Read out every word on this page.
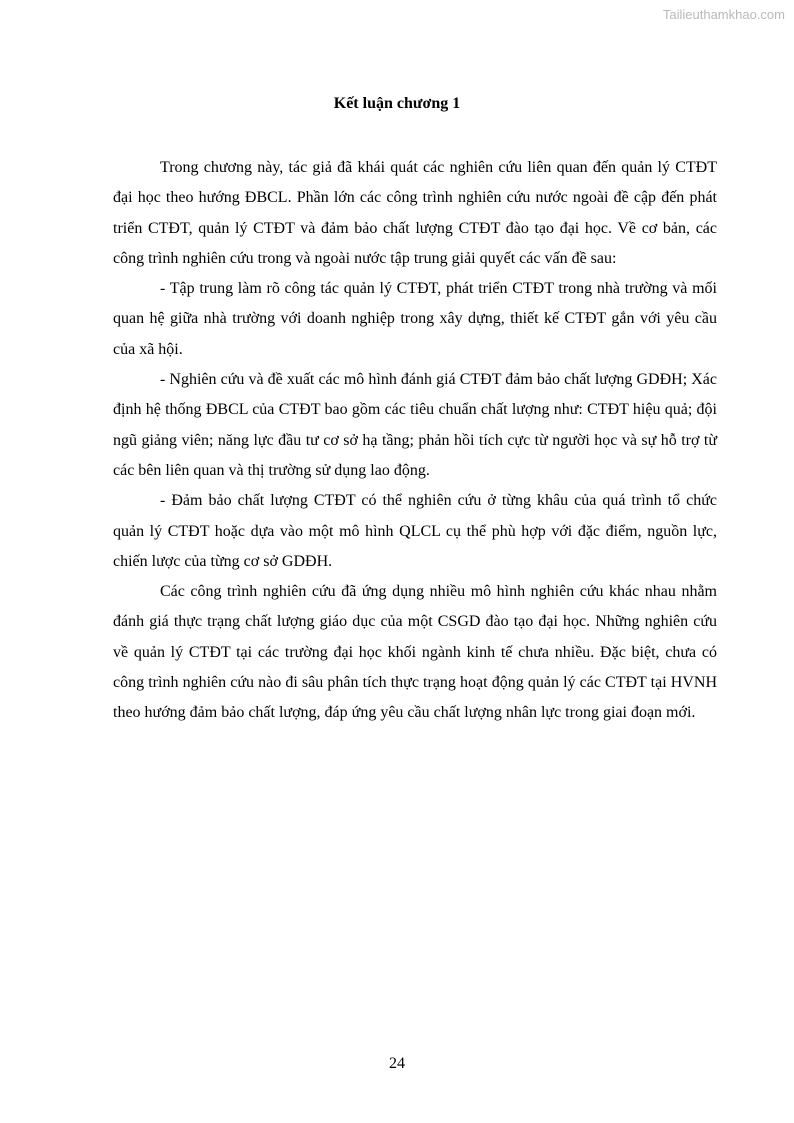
Tailieuthamkhao.com
Kết luận chương 1

Trong chương này, tác giả đã khái quát các nghiên cứu liên quan đến quản lý CTĐT đại học theo hướng ĐBCL. Phần lớn các công trình nghiên cứu nước ngoài đề cập đến phát triển CTĐT, quản lý CTĐT và đảm bảo chất lượng CTĐT đào tạo đại học. Về cơ bản, các công trình nghiên cứu trong và ngoài nước tập trung giải quyết các vấn đề sau:

- Tập trung làm rõ công tác quản lý CTĐT, phát triển CTĐT trong nhà trường và mối quan hệ giữa nhà trường với doanh nghiệp trong xây dựng, thiết kế CTĐT gắn với yêu cầu của xã hội.

- Nghiên cứu và đề xuất các mô hình đánh giá CTĐT đảm bảo chất lượng GDĐH; Xác định hệ thống ĐBCL của CTĐT bao gồm các tiêu chuẩn chất lượng như: CTĐT hiệu quả; đội ngũ giảng viên; năng lực đầu tư cơ sở hạ tầng; phản hồi tích cực từ người học và sự hỗ trợ từ các bên liên quan và thị trường sử dụng lao động.

- Đảm bảo chất lượng CTĐT có thể nghiên cứu ở từng khâu của quá trình tổ chức quản lý CTĐT hoặc dựa vào một mô hình QLCL cụ thể phù hợp với đặc điểm, nguồn lực, chiến lược của từng cơ sở GDĐH.

Các công trình nghiên cứu đã ứng dụng nhiều mô hình nghiên cứu khác nhau nhằm đánh giá thực trạng chất lượng giáo dục của một CSGD đào tạo đại học. Những nghiên cứu về quản lý CTĐT tại các trường đại học khối ngành kinh tế chưa nhiều. Đặc biệt, chưa có công trình nghiên cứu nào đi sâu phân tích thực trạng hoạt động quản lý các CTĐT tại HVNH theo hướng đảm bảo chất lượng, đáp ứng yêu cầu chất lượng nhân lực trong giai đoạn mới.

24
